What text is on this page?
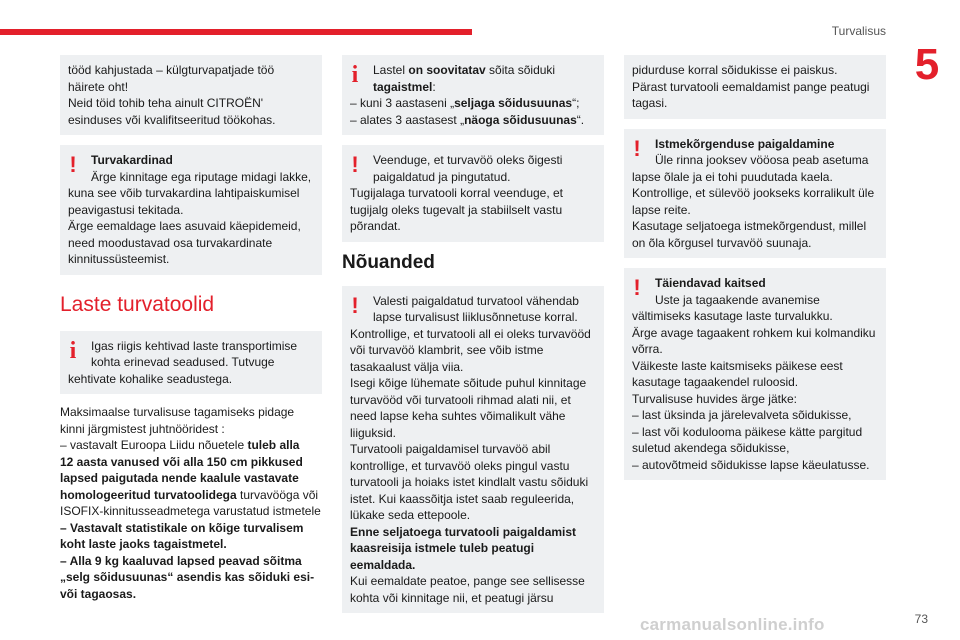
Turvalisus
5

tööd kahjustada – külgturvapatjade töö

häirete oht!

Neid töid tohib teha ainult CITROËN'

esinduses või kvalifitseeritud töökohas.

!	Turvakardinad
Ärge kinnitage ega riputage midagi lakke,

kuna see võib turvakardina lahtipaiskumisel

peavigastusi tekitada.

Ärge eemaldage laes asuvaid käepidemeid,

need moodustavad osa turvakardinate

kinnitussüsteemist.

Laste turvatoolid
i	Igas riigis kehtivad laste transportimise
kohta erinevad seadused. Tutvuge

kehtivate kohalike seadustega.

Maksimaalse turvalisuse tagamiseks pidage

kinni järgmistest juhtnööridest :

– vastavalt Euroopa Liidu nõuetele tuleb alla

12 aasta vanused või alla 150 cm pikkused

lapsed paigutada nende kaalule vastavate

homologeeritud turvatoolidega turvavööga või

ISOFIX-kinnitusseadmetega varustatud istmetele

– Vastavalt statistikale on kõige turvalisem

koht laste jaoks tagaistmetel.

– Alla 9 kg kaaluvad lapsed peavad sõitma

„selg sõidusuunas“ asendis kas sõiduki esi-

või tagaosas.

i	Lastel on soovitatav sõita sõiduki
tagaistmel:

– kuni 3 aastaseni „seljaga sõidusuunas“;

– alates 3 aastasest „näoga sõidusuunas“.

!	Veenduge, et turvavöö oleks õigesti
paigaldatud ja pingutatud.

Tugijalaga turvatooli korral veenduge, et

tugijalg oleks tugevalt ja stabiilselt vastu

põrandat.

Nõuanded
!	Valesti paigaldatud turvatool vähendab
lapse turvalisust liiklusõnnetuse korral.

Kontrollige, et turvatooli all ei oleks turvavööd

või turvavöö klambrit, see võib istme

tasakaalust välja viia.

Isegi kõige lühemate sõitude puhul kinnitage

turvavööd või turvatooli rihmad alati nii, et

need lapse keha suhtes võimalikult vähe

liiguksid.

Turvatooli paigaldamisel turvavöö abil

kontrollige, et turvavöö oleks pingul vastu

turvatooli ja hoiaks istet kindlalt vastu sõiduki

istet. Kui kaassõitja istet saab reguleerida,

lükake seda ettepoole.

Enne seljatoega turvatooli paigaldamist

kaasreisija istmele tuleb peatugi

eemaldada.

Kui eemaldate peatoe, pange see sellisesse

kohta või kinnitage nii, et peatugi järsu

pidurduse korral sõidukisse ei paiskus.

Pärast turvatooli eemaldamist pange peatugi

tagasi.

!	Istmekõrgenduse paigaldamine
Üle rinna jooksev vööosa peab asetuma

lapse õlale ja ei tohi puudutada kaela.

Kontrollige, et sülevöö jookseks korralikult üle

lapse reite.

Kasutage seljatoega istmekõrgendust, millel

on õla kõrgusel turvavöö suunaja.

!	Täiendavad kaitsed
Uste ja tagaakende avanemise

vältimiseks kasutage laste turvalukku.

Ärge avage tagaakent rohkem kui kolmandiku

võrra.

Väikeste laste kaitsmiseks päikese eest

kasutage tagaakendel ruloosid.

Turvalisuse huvides ärge jätke:

– last üksinda ja järelevalveta sõidukisse,

– last või kodulooma päikese kätte pargitud

suletud akendega sõidukisse,

– autovõtmeid sõidukisse lapse käeulatusse.

carmanualsonline.info	73
